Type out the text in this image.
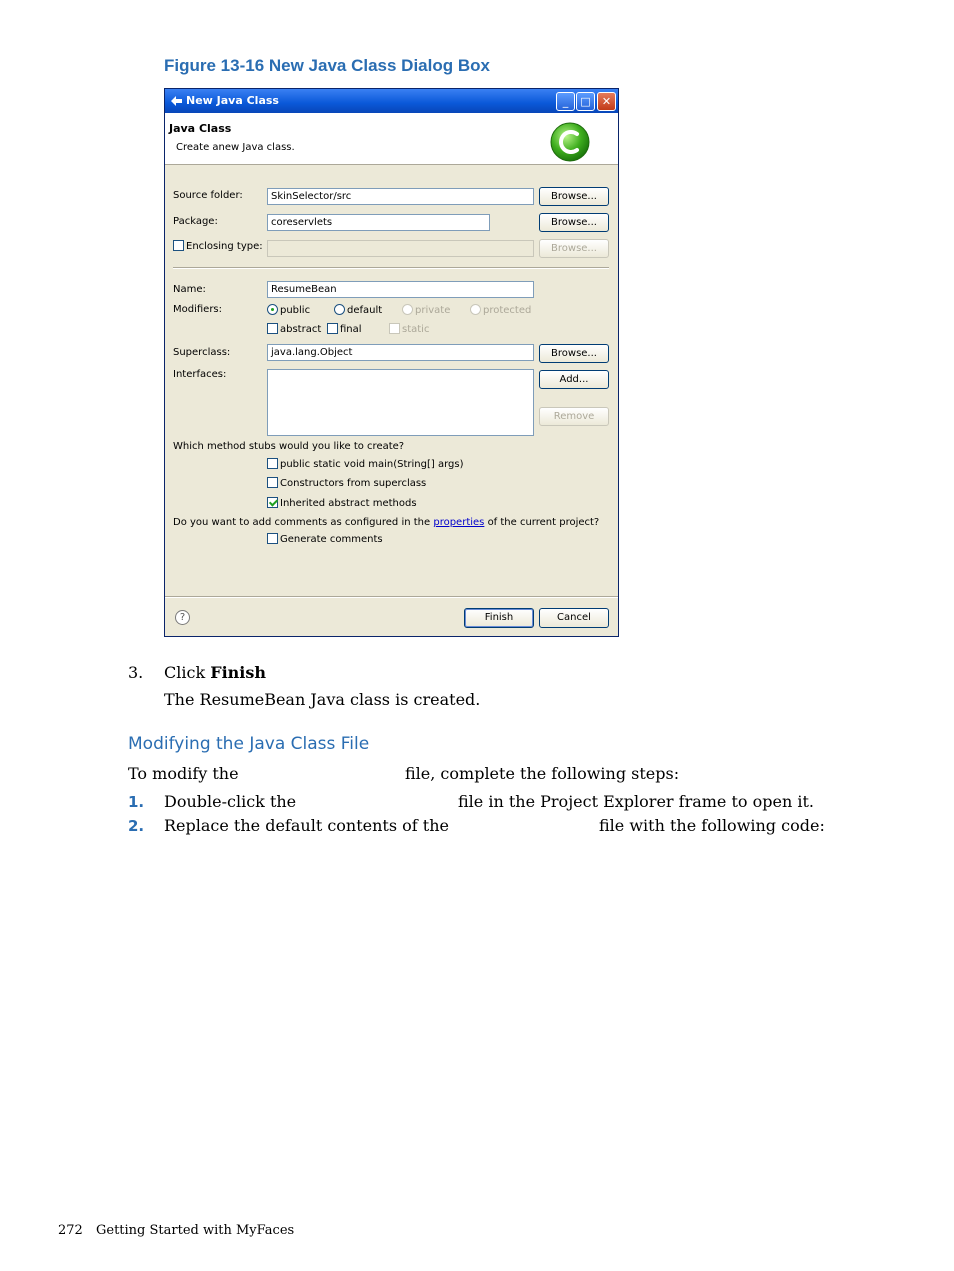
Figure 13-16 New Java Class Dialog Box
New Java Class	_	□	✕
Java Class
Create anew Java class.
Source folder:	SkinSelector/src	Browse...
Package:	coreservlets	Browse...
Enclosing type:	Browse...
Name:	ResumeBean
Modifiers:	public	default	private	protected
abstract	final	static
Superclass:	java.lang.Object	Browse...
Interfaces:	Add...
Remove
Which method stubs would you like to create?
public static void main(String[] args)
Constructors from superclass
Inherited abstract methods
Do you want to add comments as configured in the properties of the current project?
Generate comments
?	Finish	Cancel
3. Click Finish
The ResumeBean Java class is created.
Modifying the Java Class File
To modify the	file, complete the following steps:
1. Double-click the	file in the Project Explorer frame to open it.
2. Replace the default contents of the	file with the following code:
272 Getting Started with MyFaces
